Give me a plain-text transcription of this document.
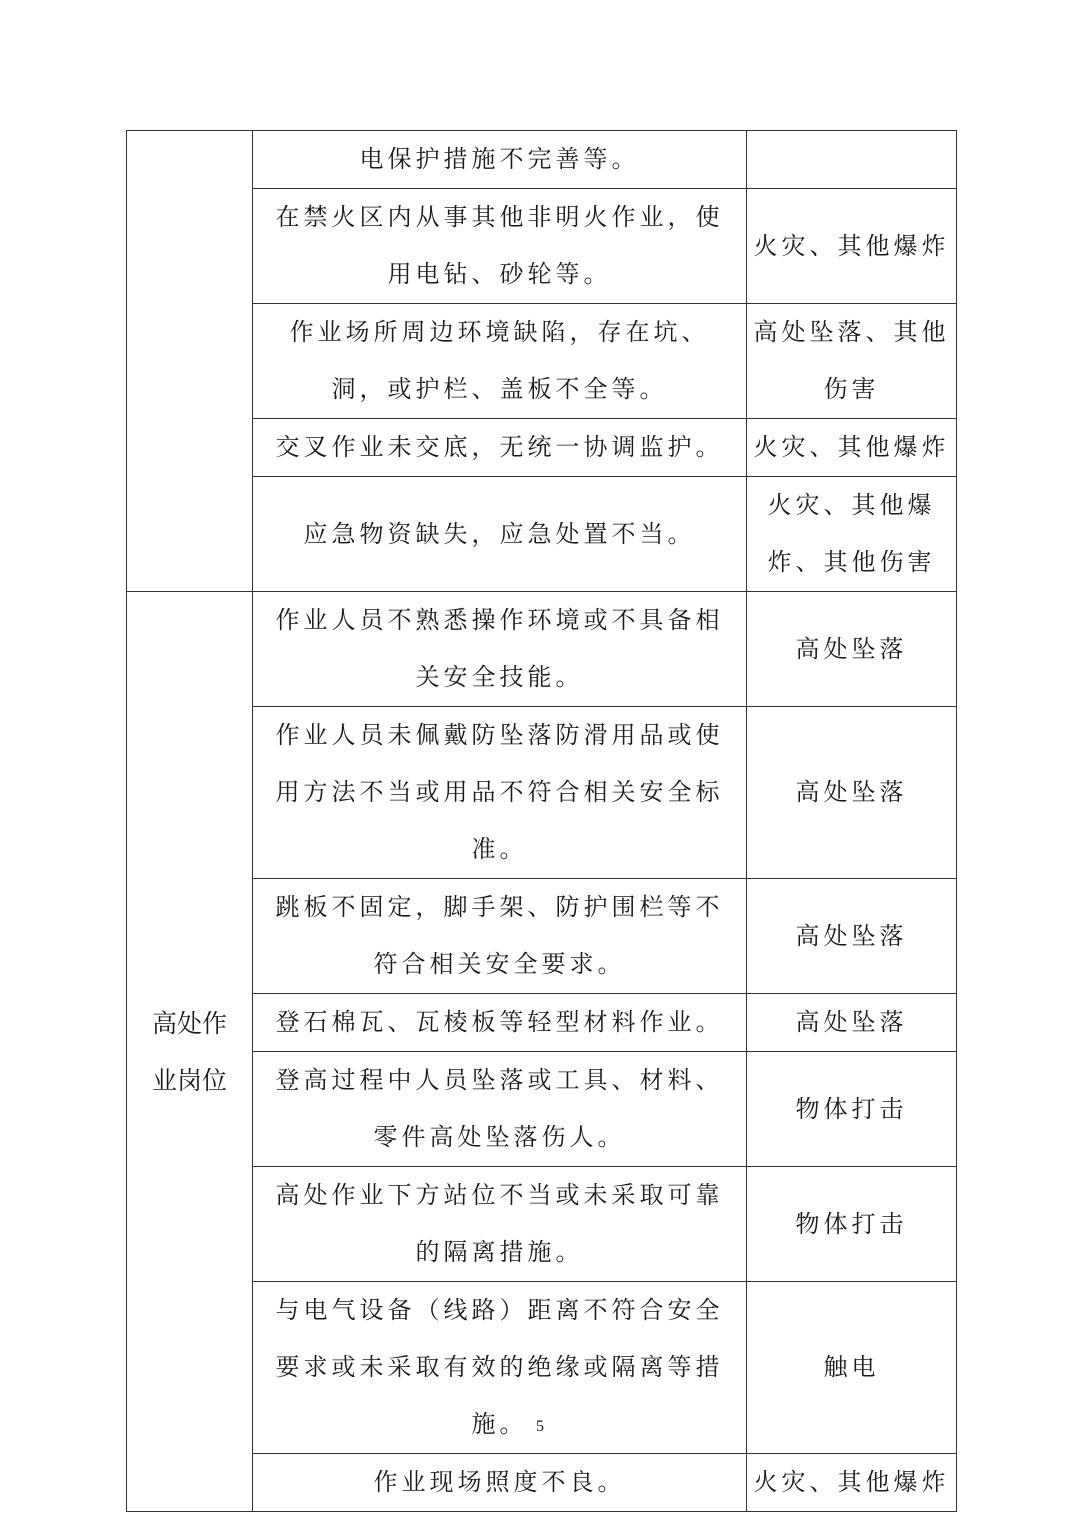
	电保护措施不完善等。	
	在禁火区内从事其他非明火作业，使用电钻、砂轮等。	火灾、其他爆炸
	作业场所周边环境缺陷，存在坑、洞，或护栏、盖板不全等。	高处坠落、其他伤害
	交叉作业未交底，无统一协调监护。	火灾、其他爆炸
	应急物资缺失，应急处置不当。	火灾、其他爆炸、其他伤害
高处作业岗位	作业人员不熟悉操作环境或不具备相关安全技能。	高处坠落
	作业人员未佩戴防坠落防滑用品或使用方法不当或用品不符合相关安全标准。	高处坠落
	跳板不固定，脚手架、防护围栏等不符合相关安全要求。	高处坠落
	登石棉瓦、瓦棱板等轻型材料作业。	高处坠落
	登高过程中人员坠落或工具、材料、零件高处坠落伤人。	物体打击
	高处作业下方站位不当或未采取可靠的隔离措施。	物体打击
	与电气设备（线路）距离不符合安全要求或未采取有效的绝缘或隔离等措施。	触电
	作业现场照度不良。	火灾、其他爆炸
5
